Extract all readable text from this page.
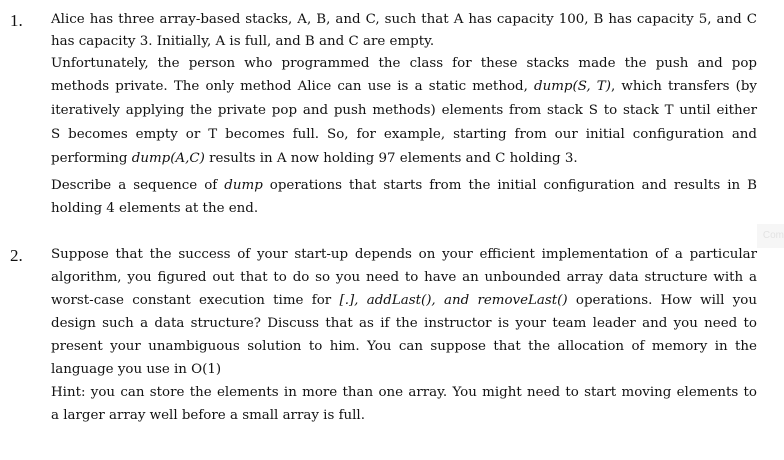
1. Alice has three array-based stacks, A, B, and C, such that A has capacity 100, B has capacity 5, and C
has capacity 3. Initially, A is full, and B and C are empty.
Unfortunately, the person who programmed the class for these stacks made the push and pop
methods private. The only method Alice can use is a static method, dump(S, T), which transfers (by
iteratively applying the private pop and push methods) elements from stack S to stack T until either
S becomes empty or T becomes full. So, for example, starting from our initial configuration and
performing dump(A,C) results in A now holding 97 elements and C holding 3.
Describe a sequence of dump operations that starts from the initial configuration and results in B
holding 4 elements at the end.
2. Suppose that the success of your start-up depends on your efficient implementation of a particular
algorithm, you figured out that to do so you need to have an unbounded array data structure with a
worst-case constant execution time for [.], addLast(), and removeLast() operations. How will you
design such a data structure? Discuss that as if the instructor is your team leader and you need to
present your unambiguous solution to him. You can suppose that the allocation of memory in the
language you use in O(1)
Hint: you can store the elements in more than one array. You might need to start moving elements to
a larger array well before a small array is full.
Com
